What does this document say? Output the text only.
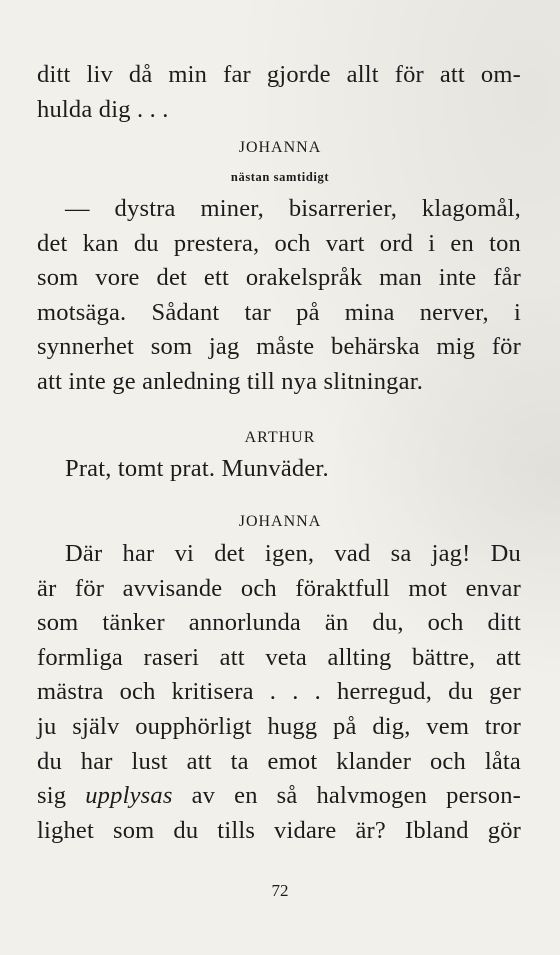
ditt liv då min far gjorde allt för att om-
hulda dig . . .

JOHANNA

nästan samtidigt

— dystra miner, bisarrerier, klagomål,
det kan du prestera, och vart ord i en ton
som vore det ett orakelspråk man inte får
motsäga. Sådant tar på mina nerver, i
synnerhet som jag måste behärska mig för
att inte ge anledning till nya slitningar.

ARTHUR

Prat, tomt prat. Munväder.

JOHANNA

Där har vi det igen, vad sa jag! Du
är för avvisande och föraktfull mot envar
som tänker annorlunda än du, och ditt
formliga raseri att veta allting bättre, att
mästra och kritisera . . . herregud, du ger
ju själv oupphörligt hugg på dig, vem tror
du har lust att ta emot klander och låta
sig upplysas av en så halvmogen person-
lighet som du tills vidare är? Ibland gör

72
